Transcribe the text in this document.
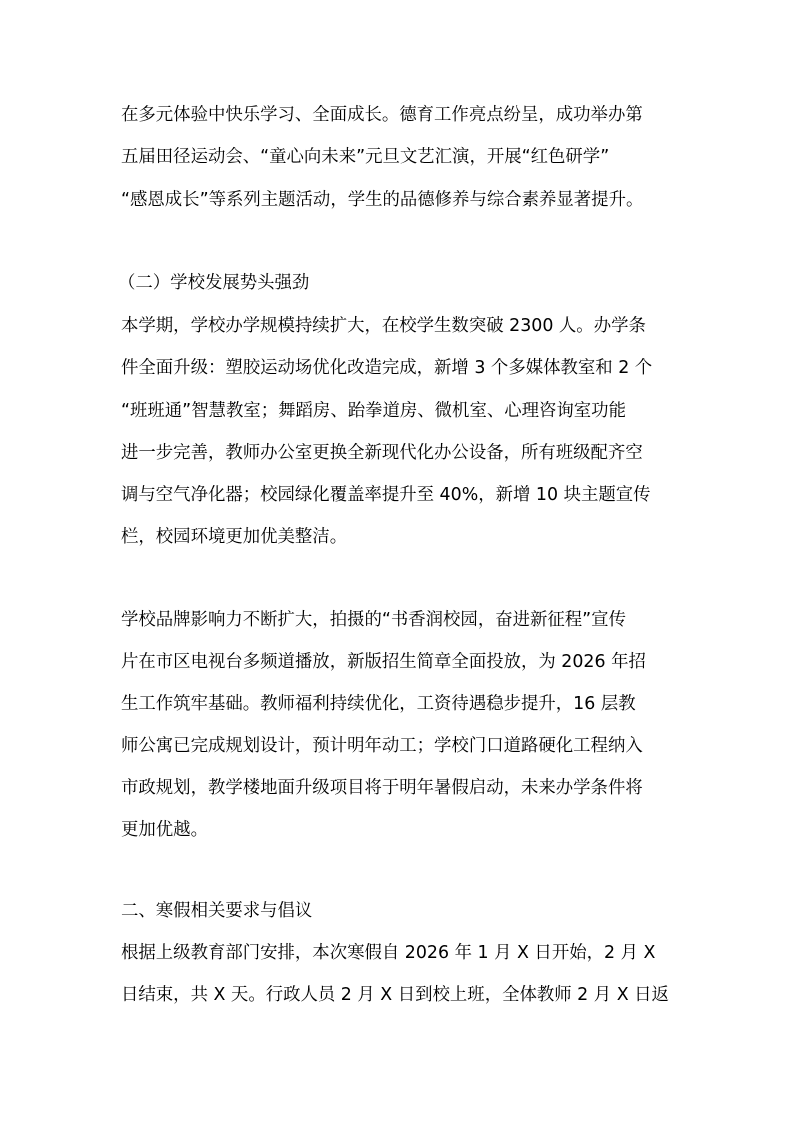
在多元体验中快乐学习、全面成长。德育工作亮点纷呈，成功举办第
五届田径运动会、“童心向未来”元旦文艺汇演，开展“红色研学”
“感恩成长”等系列主题活动，学生的品德修养与综合素养显著提升。
（二）学校发展势头强劲
本学期，学校办学规模持续扩大，在校学生数突破 2300 人。办学条
件全面升级：塑胶运动场优化改造完成，新增 3 个多媒体教室和 2 个
“班班通”智慧教室；舞蹈房、跆拳道房、微机室、心理咨询室功能
进一步完善，教师办公室更换全新现代化办公设备，所有班级配齐空
调与空气净化器；校园绿化覆盖率提升至 40%，新增 10 块主题宣传
栏，校园环境更加优美整洁。
学校品牌影响力不断扩大，拍摄的“书香润校园，奋进新征程”宣传
片在市区电视台多频道播放，新版招生简章全面投放，为 2026 年招
生工作筑牢基础。教师福利持续优化，工资待遇稳步提升，16 层教
师公寓已完成规划设计，预计明年动工；学校门口道路硬化工程纳入
市政规划，教学楼地面升级项目将于明年暑假启动，未来办学条件将
更加优越。
二、寒假相关要求与倡议
根据上级教育部门安排，本次寒假自 2026 年 1 月 X 日开始，2 月 X
日结束，共 X 天。行政人员 2 月 X 日到校上班，全体教师 2 月 X 日返
